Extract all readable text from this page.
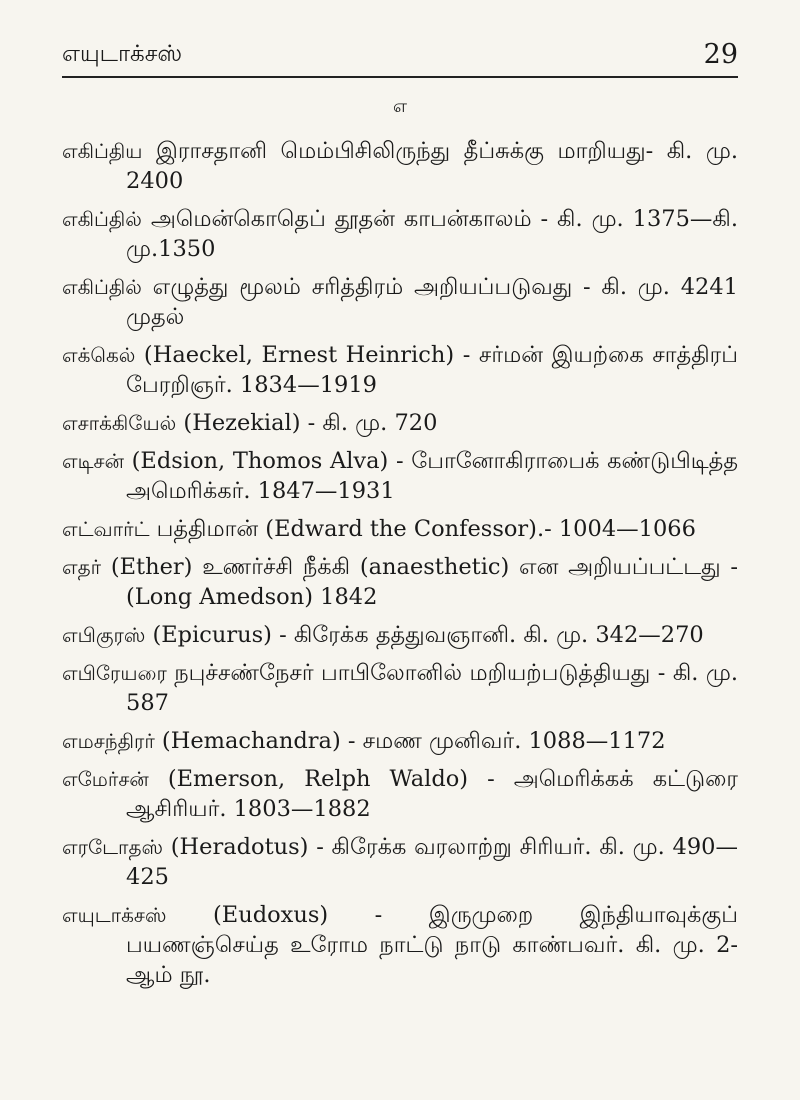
எயுடாக்சஸ்	29
எ
எகிப்திய இராசதானி மெம்பிசிலிருந்து தீப்சுக்கு மாறியது- கி. மு. 2400
எகிப்தில் அமென்கொதெப் தூதன் காபன்காலம் - கி. மு. 1375—கி. மு.1350
எகிப்தில் எழுத்து மூலம் சரித்திரம் அறியப்படுவது - கி. மு. 4241 முதல்
எக்கெல் (Haeckel, Ernest Heinrich) - சர்மன் இயற்கை சாத்திரப் பேரறிஞர். 1834—1919
எசாக்கியேல் (Hezekial) - கி. மு. 720
எடிசன் (Edsion, Thomos Alva) - போனோகிராபைக் கண்டுபிடித்த அமெரிக்கர். 1847—1931
எட்வார்ட் பத்திமான் (Edward the Confessor).- 1004—1066
எதர் (Ether) உணர்ச்சி நீக்கி (anaesthetic) என அறியப்பட்டது - (Long Amedson) 1842
எபிகுரஸ் (Epicurus) - கிரேக்க தத்துவஞானி. கி. மு. 342—270
எபிரேயரை நபுச்சண்நேசர் பாபிலோனில் மறியற்படுத்தியது - கி. மு. 587
எமசந்திரர் (Hemachandra) - சமண முனிவர். 1088—1172
எமேர்சன் (Emerson, Relph Waldo) - அமெரிக்கக் கட்டுரை ஆசிரியர். 1803—1882
எரடோதஸ் (Heradotus) - கிரேக்க வரலாற்று சிரியர். கி. மு. 490—425
எயுடாக்சஸ் (Eudoxus) - இருமுறை இந்தியாவுக்குப் பயணஞ்செய்த உரோம நாட்டு நாடு காண்பவர். கி. மு. 2-ஆம் நூ.
